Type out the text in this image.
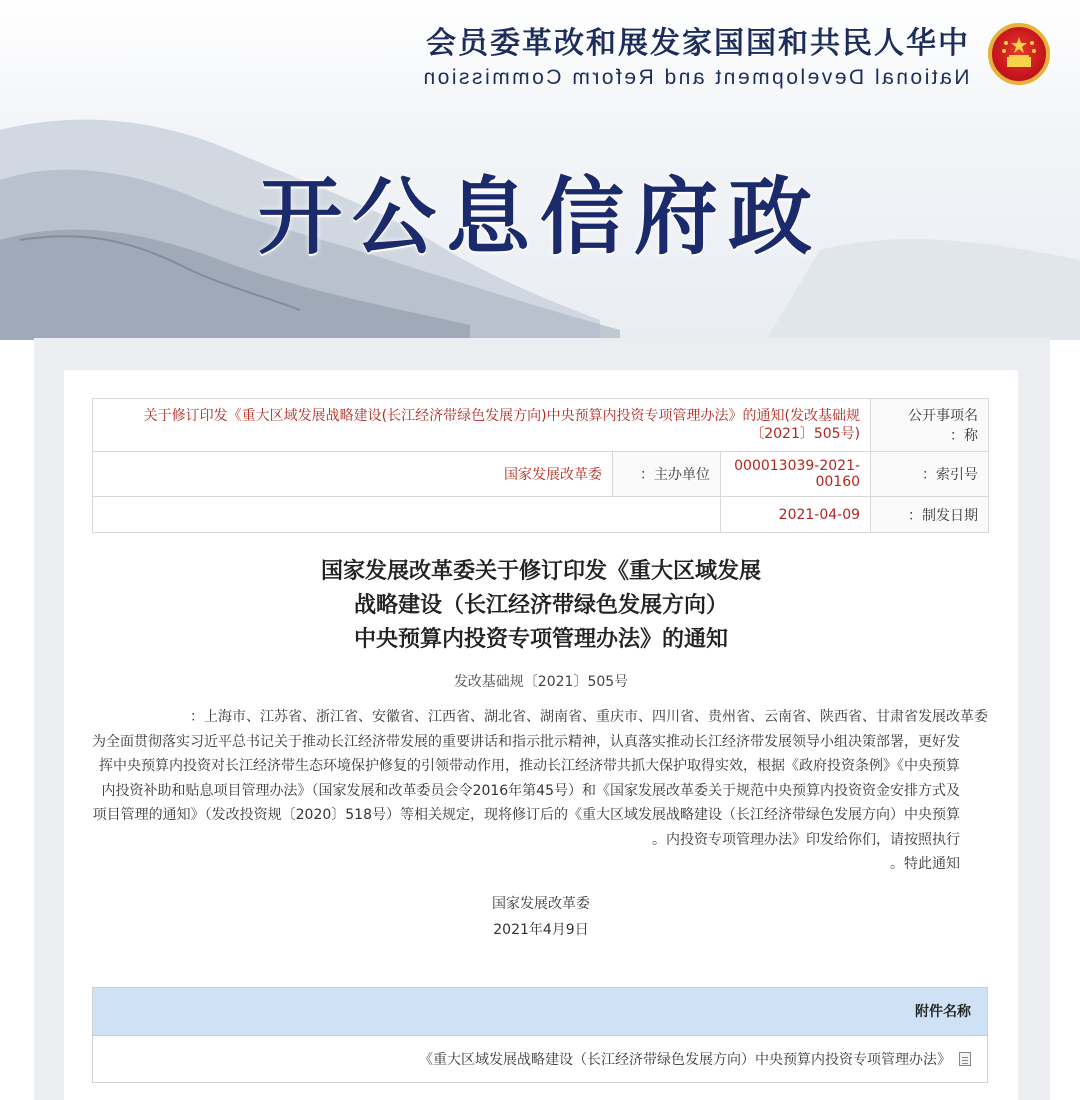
中华人民共和国国家发展和改革委员会
National Development and Reform Commission
政府信息公开
关于修订印发《重大区域发展战略建设(长江经济带绿色发展方向)中央预算内投资专项管理办法》的通知(发改基础规〔2021〕505号)			公开事项名称：
国家发展改革委	主办单位：	000013039-2021-00160	索引号：
		2021-04-09	制发日期：
国家发展改革委关于修订印发《重大区域发展
战略建设（长江经济带绿色发展方向）
中央预算内投资专项管理办法》的通知
发改基础规〔2021〕505号

上海市、江苏省、浙江省、安徽省、江西省、湖北省、湖南省、重庆市、四川省、贵州省、云南省、陕西省、甘肃省发展改革委：

为全面贯彻落实习近平总书记关于推动长江经济带发展的重要讲话和指示批示精神，认真落实推动长江经济带发展领导小组决策部署，更好发挥中央预算内投资对长江经济带生态环境保护修复的引领带动作用，推动长江经济带共抓大保护取得实效，根据《政府投资条例》《中央预算内投资补助和贴息项目管理办法》（国家发展和改革委员会令2016年第45号）和《国家发展改革委关于规范中央预算内投资资金安排方式及项目管理的通知》（发改投资规〔2020〕518号）等相关规定，现将修订后的《重大区域发展战略建设（长江经济带绿色发展方向）中央预算内投资专项管理办法》印发给你们，请按照执行。

特此通知。

国家发展改革委
2021年4月9日
附件名称
《重大区域发展战略建设（长江经济带绿色发展方向）中央预算内投资专项管理办法》
